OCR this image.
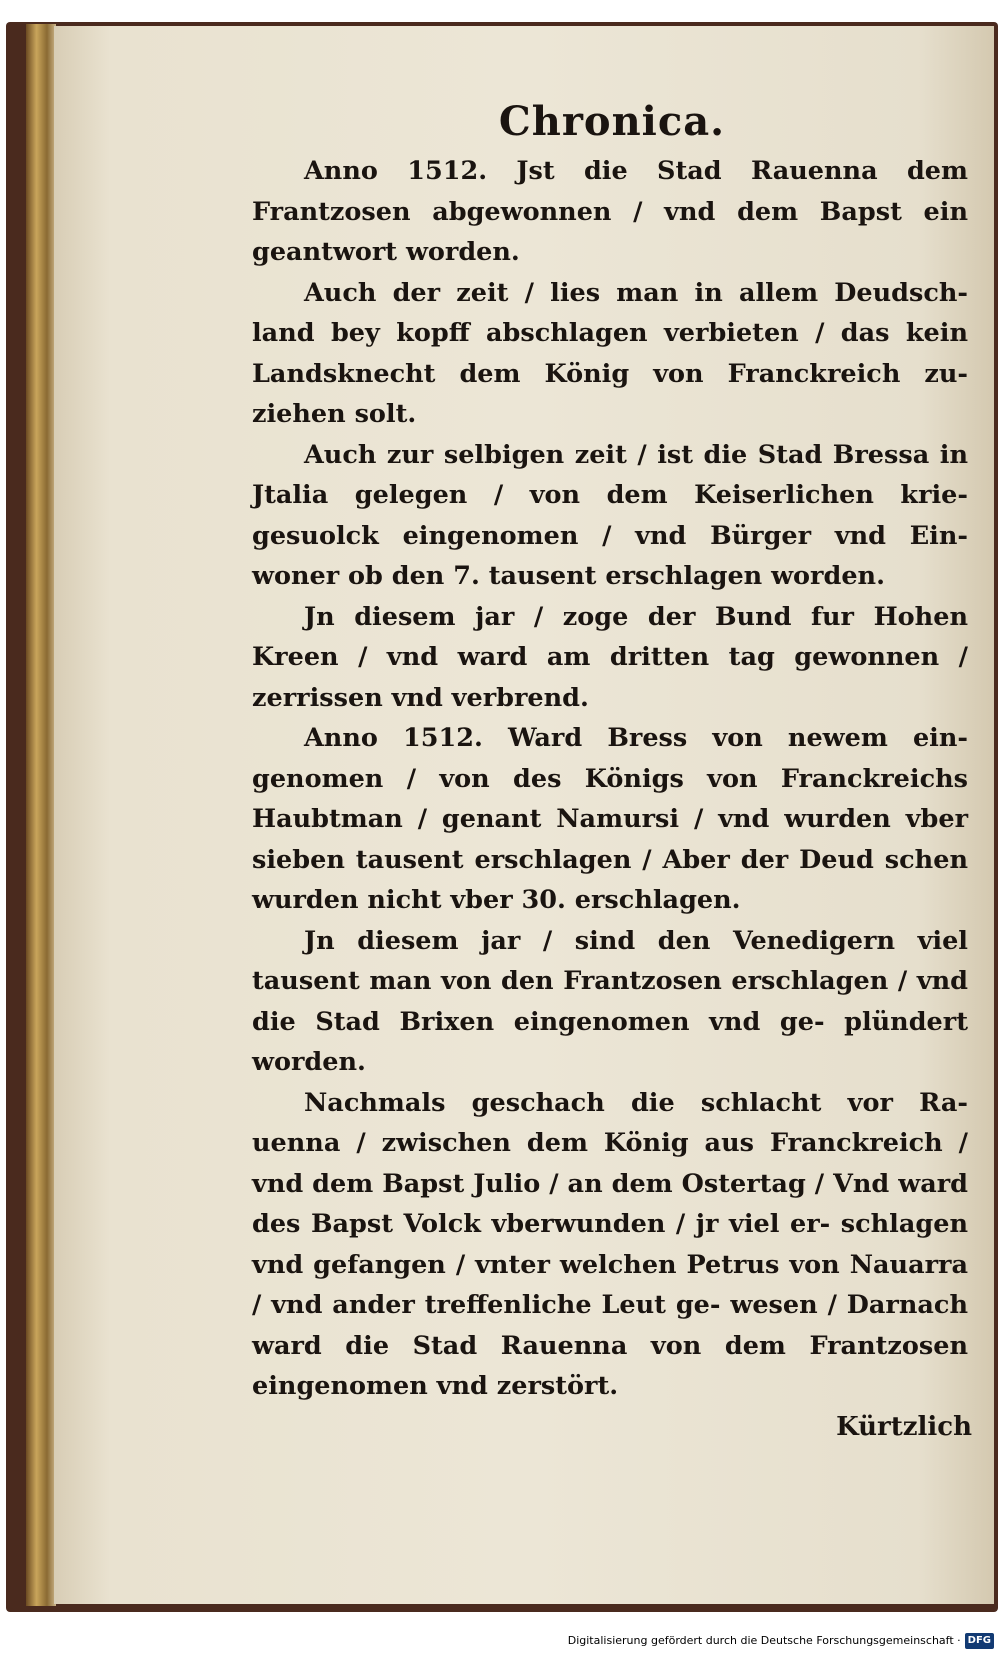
Chronica.

Anno 1512. Jst die Stad Rauenna dem Frantzosen abgewonnen / vnd dem Bapst ein geantwort worden.

Auch der zeit / lies man in allem Deudsch- land bey kopff abschlagen verbieten / das kein Landsknecht dem König von Franckreich zu- ziehen solt.

Auch zur selbigen zeit / ist die Stad Bressa in Jtalia gelegen / von dem Keiserlichen krie- gesuolck eingenomen / vnd Bürger vnd Ein- woner ob den 7. tausent erschlagen worden.

Jn diesem jar / zoge der Bund fur Hohen Kreen / vnd ward am dritten tag gewonnen / zerrissen vnd verbrend.

Anno 1512. Ward Bress von newem ein- genomen / von des Königs von Franckreichs Haubtman / genant Namursi / vnd wurden vber sieben tausent erschlagen / Aber der Deud schen wurden nicht vber 30. erschlagen.

Jn diesem jar / sind den Venedigern viel tausent man von den Frantzosen erschlagen / vnd die Stad Brixen eingenomen vnd ge- plündert worden.

Nachmals geschach die schlacht vor Ra- uenna / zwischen dem König aus Franckreich / vnd dem Bapst Julio / an dem Ostertag / Vnd ward des Bapst Volck vberwunden / jr viel er- schlagen vnd gefangen / vnter welchen Petrus von Nauarra / vnd ander treffenliche Leut ge- wesen / Darnach ward die Stad Rauenna von dem Frantzosen eingenomen vnd zerstört.

Kürtzlich
Digitalisierung gefördert durch die Deutsche Forschungsgemeinschaft · DFG
